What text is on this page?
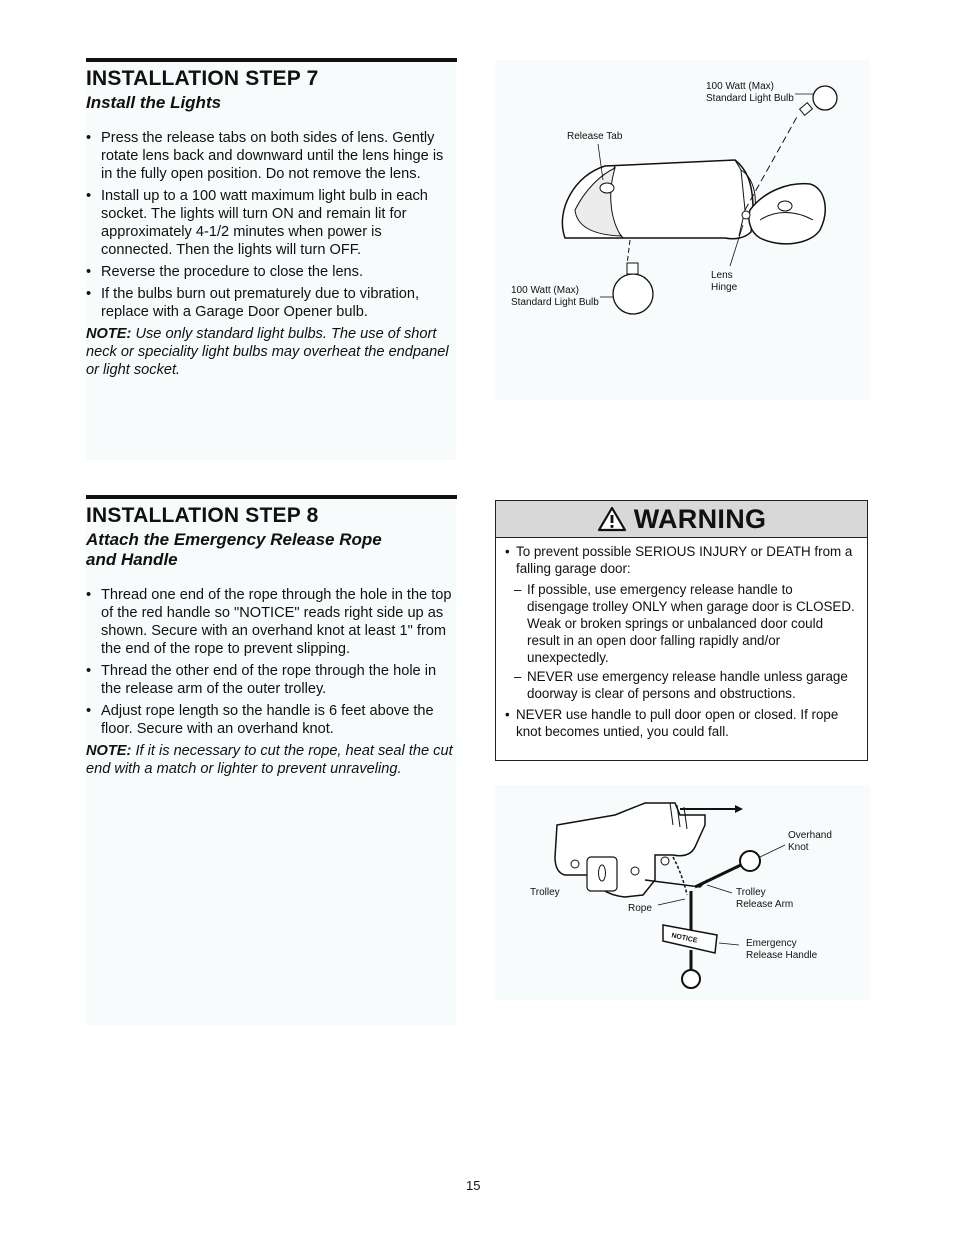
INSTALLATION STEP 7
Install the Lights
• Press the release tabs on both sides of lens. Gently rotate lens back and downward until the lens hinge is in the fully open position. Do not remove the lens.
• Install up to a 100 watt maximum light bulb in each socket. The lights will turn ON and remain lit for approximately 4-1/2 minutes when power is connected. Then the lights will turn OFF.
• Reverse the procedure to close the lens.
• If the bulbs burn out prematurely due to vibration, replace with a Garage Door Opener bulb.

NOTE: Use only standard light bulbs. The use of short neck or speciality light bulbs may overheat the endpanel or light socket.

100 Watt (Max)
Standard Light Bulb
Release Tab
100 Watt (Max)
Standard Light Bulb
Lens
Hinge
INSTALLATION STEP 8
Attach the Emergency Release Rope and Handle
• Thread one end of the rope through the hole in the top of the red handle so "NOTICE" reads right side up as shown. Secure with an overhand knot at least 1" from the end of the rope to prevent slipping.
• Thread the other end of the rope through the hole in the release arm of the outer trolley.
• Adjust rope length so the handle is 6 feet above the floor. Secure with an overhand knot.

NOTE: If it is necessary to cut the rope, heat seal the cut end with a match or lighter to prevent unraveling.

WARNING
• To prevent possible SERIOUS INJURY or DEATH from a falling garage door:
– If possible, use emergency release handle to disengage trolley ONLY when garage door is CLOSED. Weak or broken springs or unbalanced door could result in an open door falling rapidly and/or unexpectedly.
– NEVER use emergency release handle unless garage doorway is clear of persons and obstructions.
• NEVER use handle to pull door open or closed. If rope knot becomes untied, you could fall.
NOTICE
Overhand
Knot
Trolley	Trolley
Release Arm
Rope
Emergency
Release Handle
15
